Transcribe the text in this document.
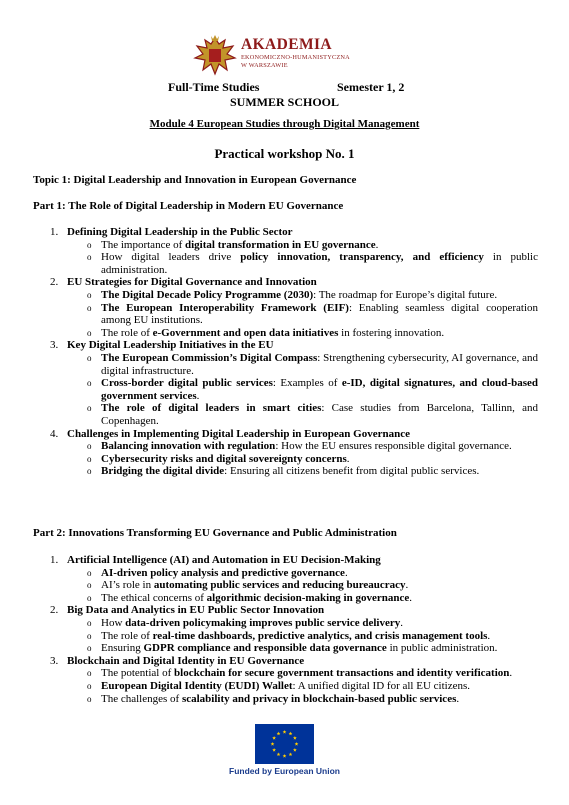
AKADEMIA
EKONOMICZNO-HUMANISTYCZNA
W WARSZAWIE
Full-Time Studies	Semester 1, 2
SUMMER SCHOOL
Module 4 European Studies through Digital Management
Practical workshop No. 1
Topic 1: Digital Leadership and Innovation in European Governance
Part 1: The Role of Digital Leadership in Modern EU Governance
1. Defining Digital Leadership in the Public Sector
o The importance of digital transformation in EU governance.
o How digital leaders drive policy innovation, transparency, and efficiency in public administration.
2. EU Strategies for Digital Governance and Innovation
o The Digital Decade Policy Programme (2030): The roadmap for Europe’s digital future.
o The European Interoperability Framework (EIF): Enabling seamless digital cooperation among EU institutions.
o The role of e-Government and open data initiatives in fostering innovation.
3. Key Digital Leadership Initiatives in the EU
o The European Commission’s Digital Compass: Strengthening cybersecurity, AI governance, and digital infrastructure.
o Cross-border digital public services: Examples of e-ID, digital signatures, and cloud-based government services.
o The role of digital leaders in smart cities: Case studies from Barcelona, Tallinn, and Copenhagen.
4. Challenges in Implementing Digital Leadership in European Governance
o Balancing innovation with regulation: How the EU ensures responsible digital governance.
o Cybersecurity risks and digital sovereignty concerns.
o Bridging the digital divide: Ensuring all citizens benefit from digital public services.
Part 2: Innovations Transforming EU Governance and Public Administration
1. Artificial Intelligence (AI) and Automation in EU Decision-Making
o AI-driven policy analysis and predictive governance.
o AI’s role in automating public services and reducing bureaucracy.
o The ethical concerns of algorithmic decision-making in governance.
2. Big Data and Analytics in EU Public Sector Innovation
o How data-driven policymaking improves public service delivery.
o The role of real-time dashboards, predictive analytics, and crisis management tools.
o Ensuring GDPR compliance and responsible data governance in public administration.
3. Blockchain and Digital Identity in EU Governance
o The potential of blockchain for secure government transactions and identity verification.
o European Digital Identity (EUDI) Wallet: A unified digital ID for all EU citizens.
o The challenges of scalability and privacy in blockchain-based public services.
Funded by European Union
